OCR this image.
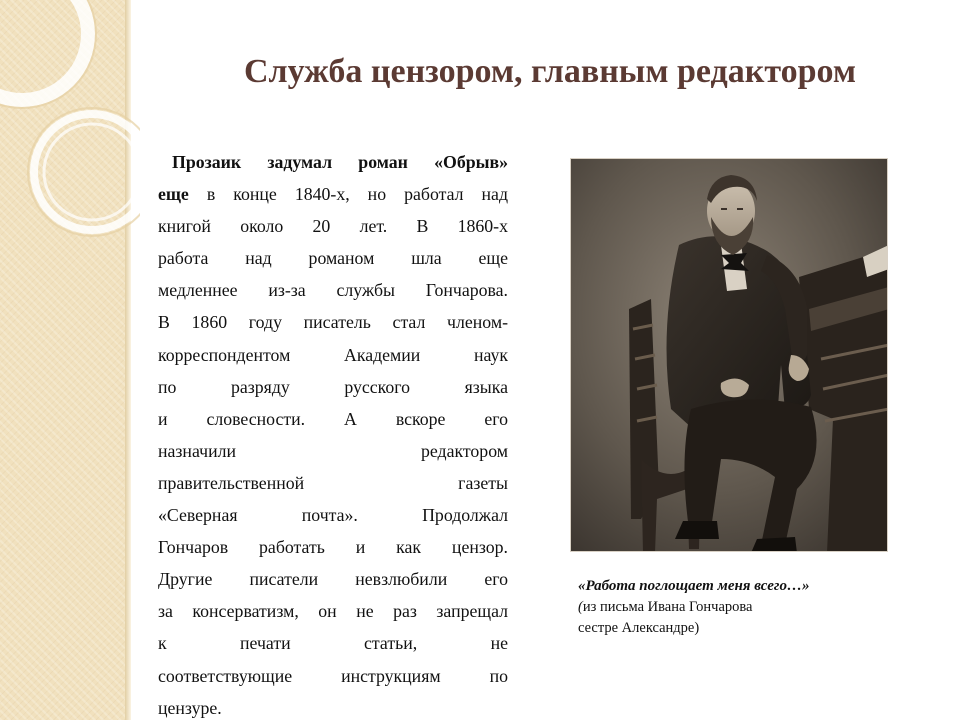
Служба цензором, главным редактором
Прозаик задумал роман «Обрыв»
еще в конце 1840-х, но работал над
книгой около 20 лет. В 1860-х
работа над романом шла еще
медленнее из-за службы Гончарова.
В 1860 году писатель стал членом-
корреспондентом Академии наук
по разряду русского языка
и словесности. А вскоре его
назначили редактором
правительственной газеты
«Северная почта». Продолжал
Гончаров работать и как цензор.
Другие писатели невзлюбили его
за консерватизм, он не раз запрещал
к печати статьи, не
соответствующие инструкциям по
цензуре.
«Работа поглощает меня всего…»
(из письма Ивана Гончарова
сестре Александре)
